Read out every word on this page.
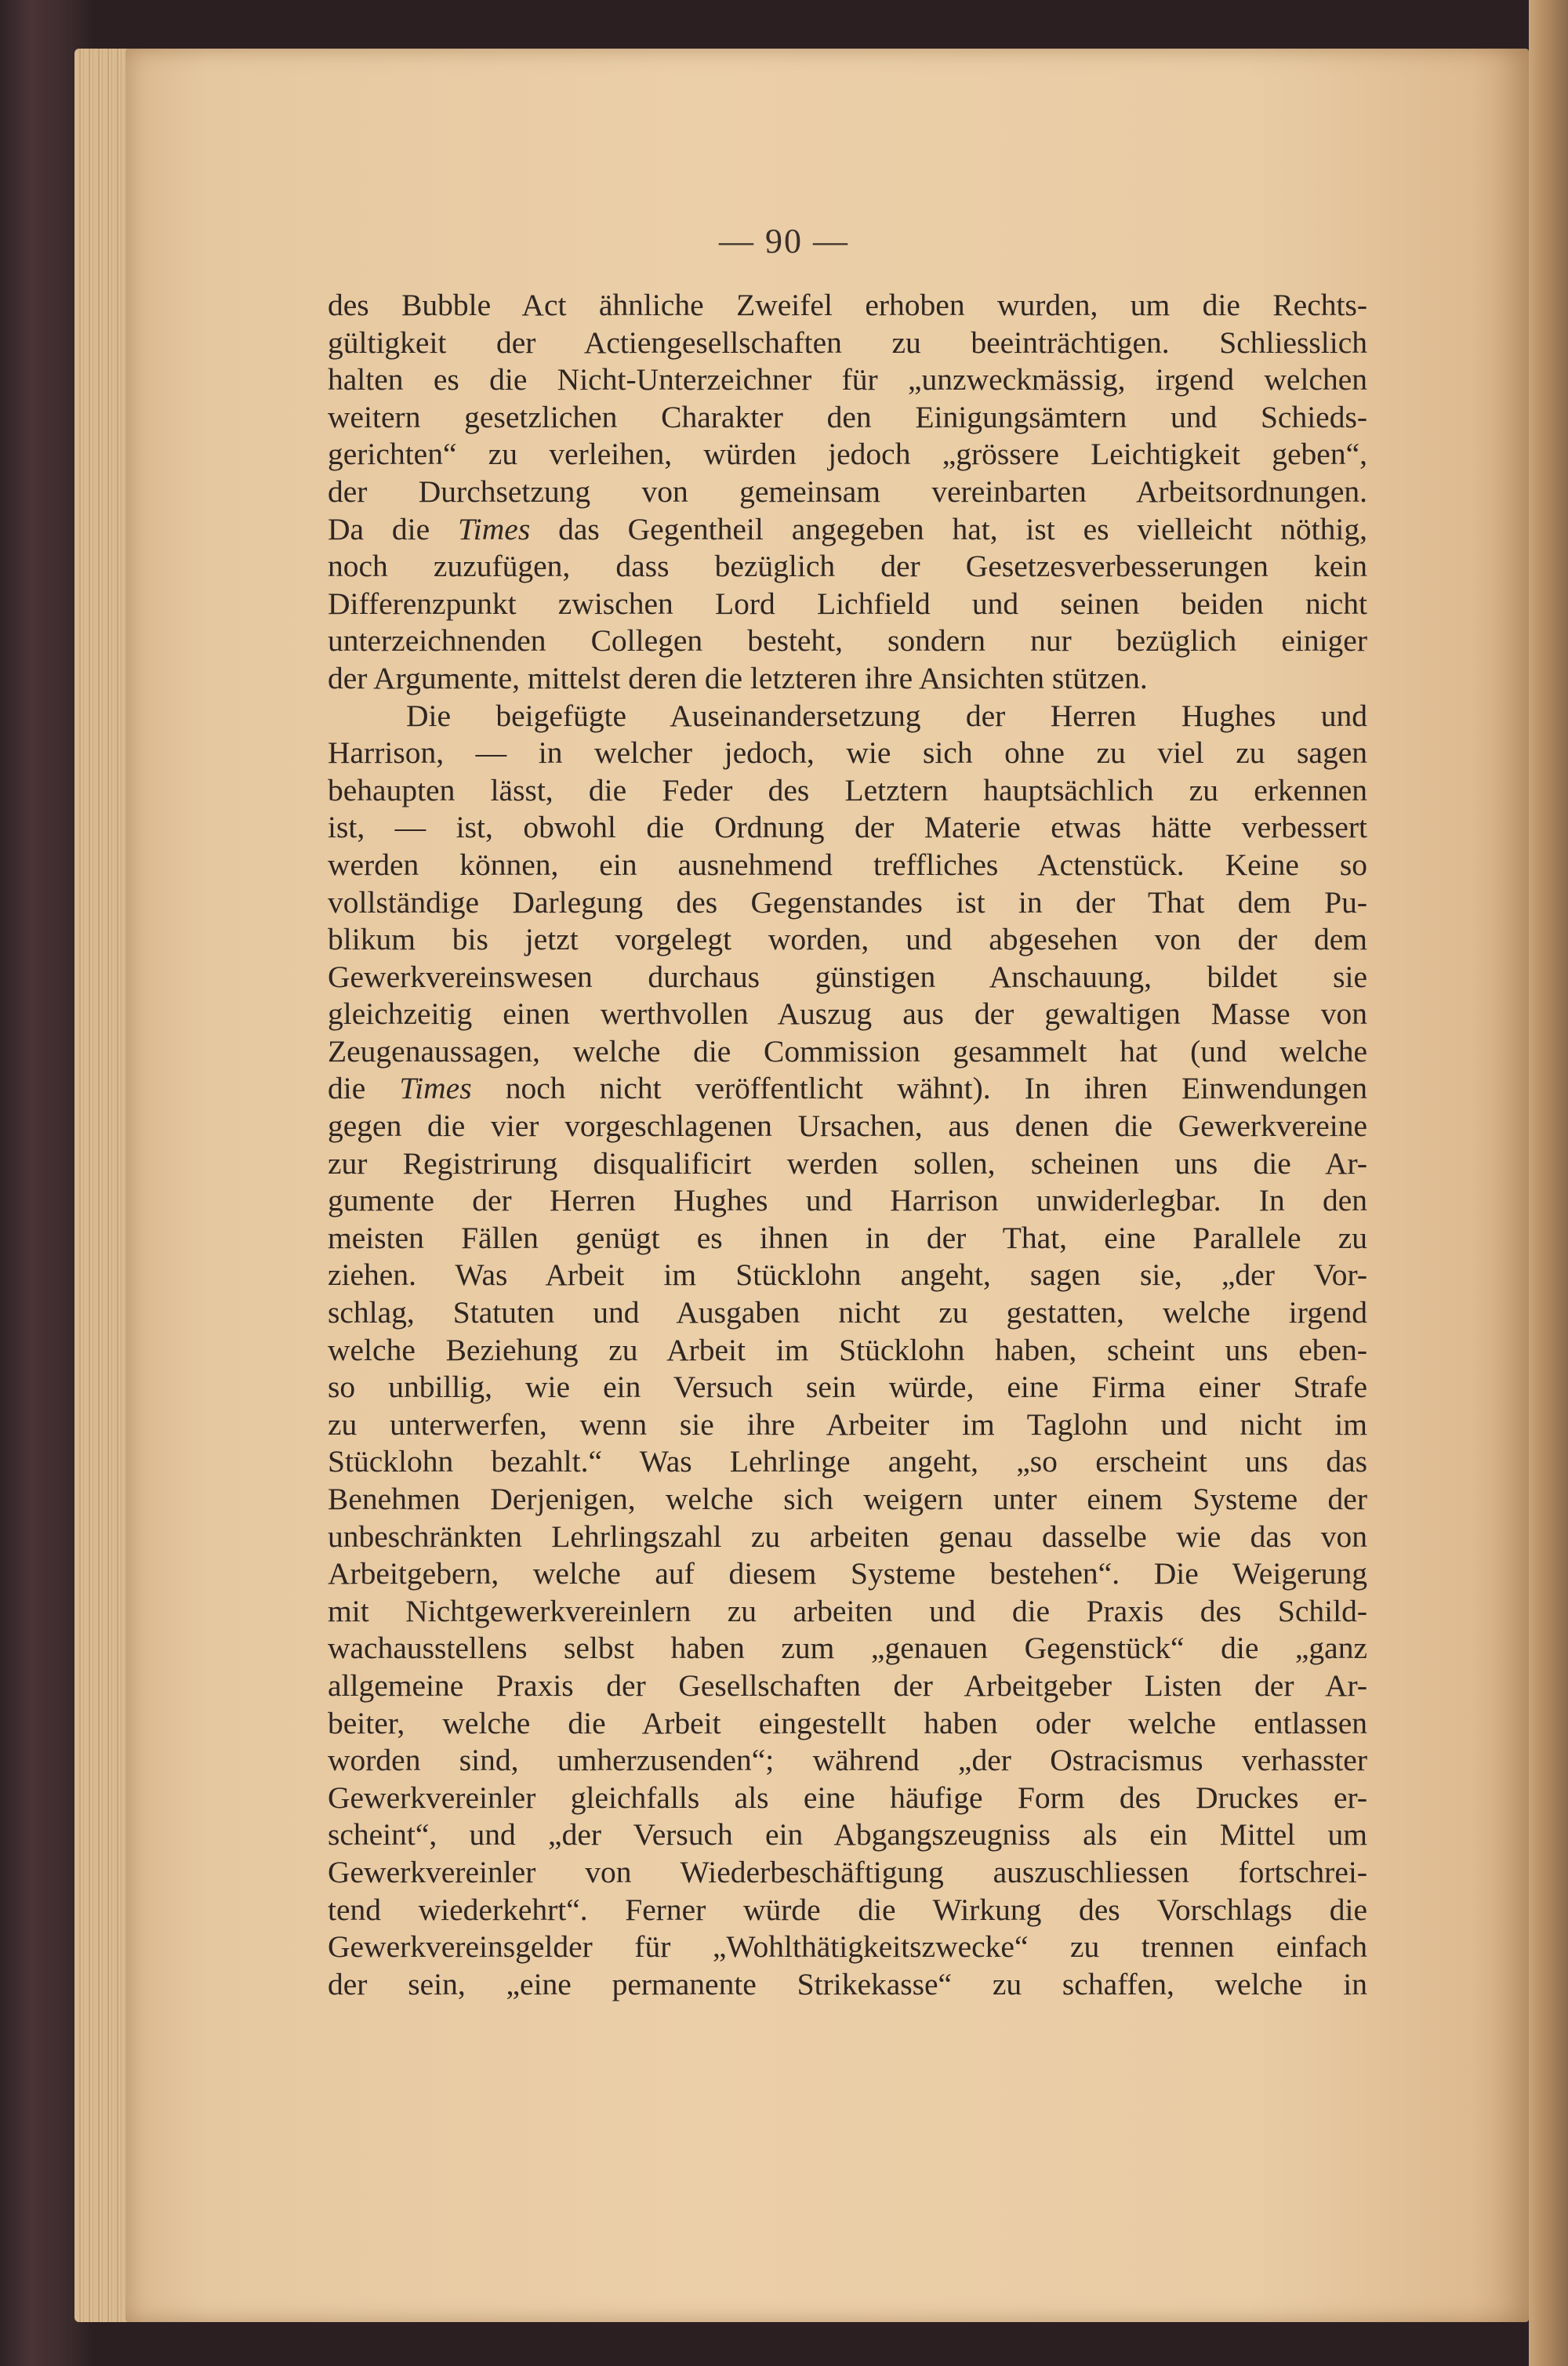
— 90 —
des Bubble Act ähnliche Zweifel erhoben wurden, um die Rechts-
gültigkeit der Actiengesellschaften zu beeinträchtigen. Schliesslich
halten es die Nicht-Unterzeichner für „unzweckmässig, irgend welchen
weitern gesetzlichen Charakter den Einigungsämtern und Schieds-
gerichten“ zu verleihen, würden jedoch „grössere Leichtigkeit geben“,
der Durchsetzung von gemeinsam vereinbarten Arbeitsordnungen.
Da die Times das Gegentheil angegeben hat, ist es vielleicht nöthig,
noch zuzufügen, dass bezüglich der Gesetzesverbesserungen kein
Differenzpunkt zwischen Lord Lichfield und seinen beiden nicht
unterzeichnenden Collegen besteht, sondern nur bezüglich einiger
der Argumente, mittelst deren die letzteren ihre Ansichten stützen.
Die beigefügte Auseinandersetzung der Herren Hughes und
Harrison, — in welcher jedoch, wie sich ohne zu viel zu sagen
behaupten lässt, die Feder des Letztern hauptsächlich zu erkennen
ist, — ist, obwohl die Ordnung der Materie etwas hätte verbessert
werden können, ein ausnehmend treffliches Actenstück. Keine so
vollständige Darlegung des Gegenstandes ist in der That dem Pu-
blikum bis jetzt vorgelegt worden, und abgesehen von der dem
Gewerkvereinswesen durchaus günstigen Anschauung, bildet sie
gleichzeitig einen werthvollen Auszug aus der gewaltigen Masse von
Zeugenaussagen, welche die Commission gesammelt hat (und welche
die Times noch nicht veröffentlicht wähnt). In ihren Einwendungen
gegen die vier vorgeschlagenen Ursachen, aus denen die Gewerkvereine
zur Registrirung disqualificirt werden sollen, scheinen uns die Ar-
gumente der Herren Hughes und Harrison unwiderlegbar. In den
meisten Fällen genügt es ihnen in der That, eine Parallele zu
ziehen. Was Arbeit im Stücklohn angeht, sagen sie, „der Vor-
schlag, Statuten und Ausgaben nicht zu gestatten, welche irgend
welche Beziehung zu Arbeit im Stücklohn haben, scheint uns eben-
so unbillig, wie ein Versuch sein würde, eine Firma einer Strafe
zu unterwerfen, wenn sie ihre Arbeiter im Taglohn und nicht im
Stücklohn bezahlt.“ Was Lehrlinge angeht, „so erscheint uns das
Benehmen Derjenigen, welche sich weigern unter einem Systeme der
unbeschränkten Lehrlingszahl zu arbeiten genau dasselbe wie das von
Arbeitgebern, welche auf diesem Systeme bestehen“. Die Weigerung
mit Nichtgewerkvereinlern zu arbeiten und die Praxis des Schild-
wachausstellens selbst haben zum „genauen Gegenstück“ die „ganz
allgemeine Praxis der Gesellschaften der Arbeitgeber Listen der Ar-
beiter, welche die Arbeit eingestellt haben oder welche entlassen
worden sind, umherzusenden“; während „der Ostracismus verhasster
Gewerkvereinler gleichfalls als eine häufige Form des Druckes er-
scheint“, und „der Versuch ein Abgangszeugniss als ein Mittel um
Gewerkvereinler von Wiederbeschäftigung auszuschliessen fortschrei-
tend wiederkehrt“. Ferner würde die Wirkung des Vorschlags die
Gewerkvereinsgelder für „Wohlthätigkeitszwecke“ zu trennen einfach
der sein, „eine permanente Strikekasse“ zu schaffen, welche in
